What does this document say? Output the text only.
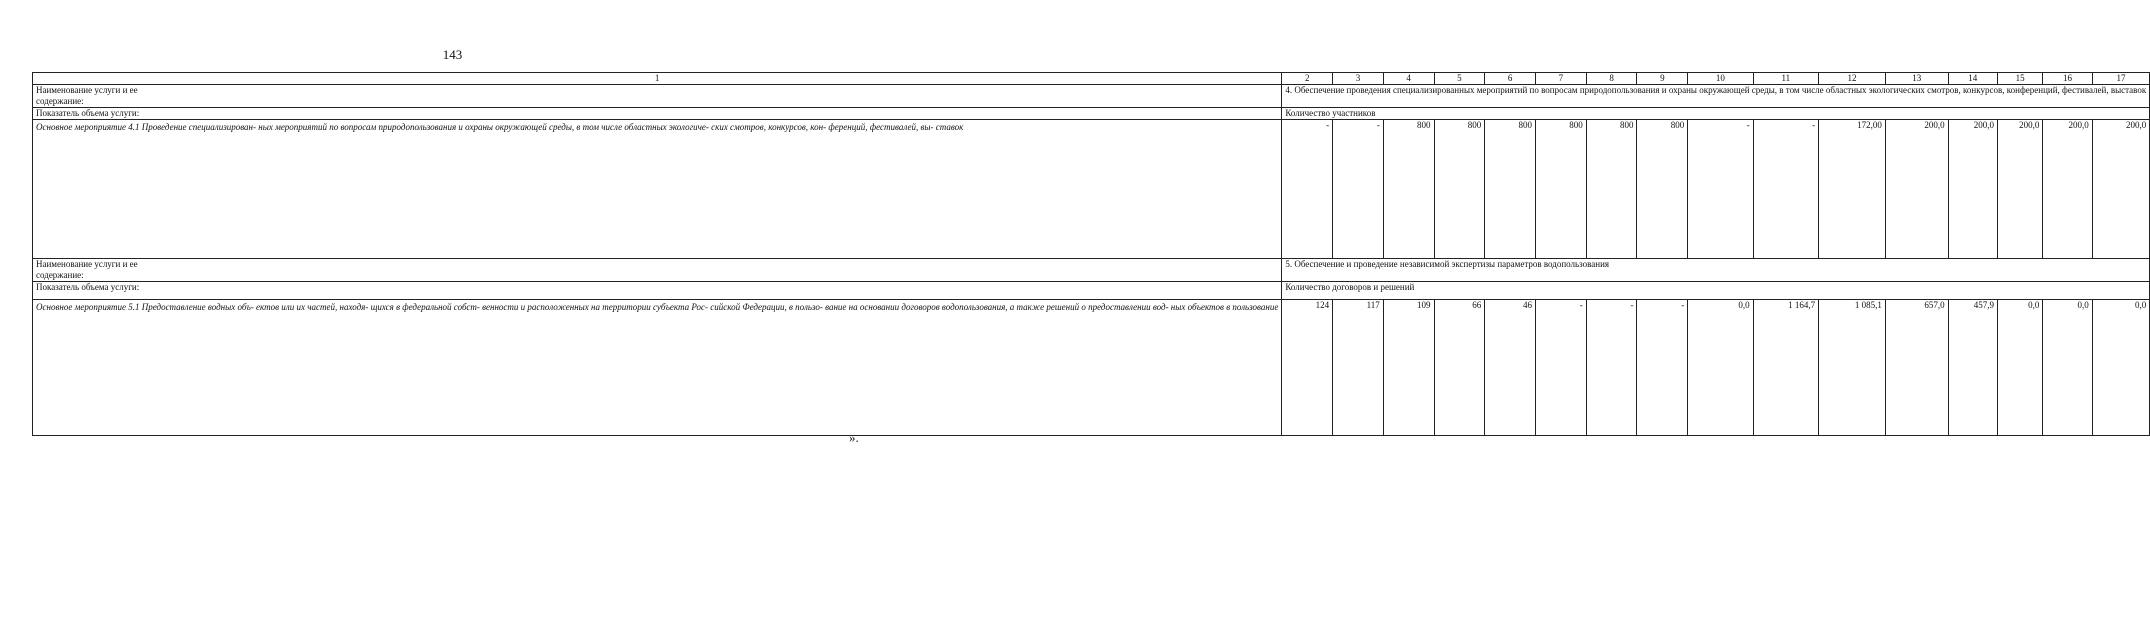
143
1	2	3	4	5	6	7	8	9	10	11	12	13	14	15	16	17
Наименование услуги и ее
содержание:	4. Обеспечение проведения специализированных мероприятий по вопросам природопользования и охраны окружающей среды, в том числе областных экологических смотров, конкурсов, конференций, фестивалей, выставок															
Показатель объема услуги:	Количество участников															
Основное мероприятие 4.1 Проведение специализирован- ных мероприятий по вопросам природопользования и охраны окружающей среды, в том числе областных экологиче- ских смотров, конкурсов, кон- ференций, фестивалей, вы- ставок	-	-	800	800	800	800	800	800	-	-	172,00	200,0	200,0	200,0	200,0	200,0
Наименование услуги и ее
содержание:	5. Обеспечение и проведение независимой экспертизы параметров водопользования															
Показатель объема услуги:	Количество договоров и решений															
Основное мероприятие 5.1 Предоставление водных объ- ектов или их частей, находя- щихся в федеральной собст- венности и расположенных на территории субъекта Рос- сийской Федерации, в пользо- вание на основании договоров водопользования, а также решений о предоставлении вод- ных объектов в пользование	124	117	109	66	46	-	-	-	0,0	1 164,7	1 085,1	657,0	457,9	0,0	0,0	0,0
».
